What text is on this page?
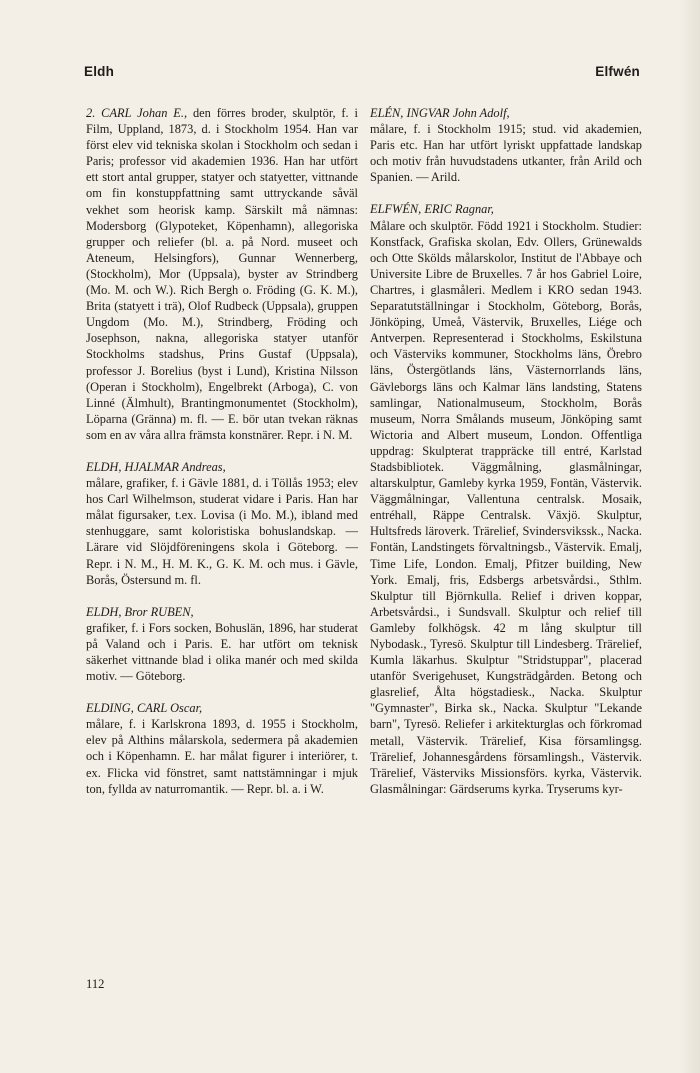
Eldh	Elfwén

2. CARL Johan E., den förres broder, skulptör, f. i Film, Uppland, 1873, d. i Stockholm 1954. Han var först elev vid tekniska skolan i Stockholm och sedan i Paris; professor vid akademien 1936. Han har utfört ett stort antal grupper, statyer och statyetter, vittnande om fin konstuppfattning samt uttryckande såväl vekhet som heorisk kamp. Särskilt må nämnas: Modersborg (Glypoteket, Köpenhamn), allegoriska grupper och reliefer (bl. a. på Nord. museet och Ateneum, Helsingfors), Gunnar Wennerberg, (Stockholm), Mor (Uppsala), byster av Strindberg (Mo. M. och W.). Rich Bergh o. Fröding (G. K. M.), Brita (statyett i trä), Olof Rudbeck (Uppsala), gruppen Ungdom (Mo. M.), Strindberg, Fröding och Josephson, nakna, allegoriska statyer utanför Stockholms stadshus, Prins Gustaf (Uppsala), professor J. Borelius (byst i Lund), Kristina Nilsson (Operan i Stockholm), Engelbrekt (Arboga), C. von Linné (Älmhult), Brantingmonumentet (Stockholm), Löparna (Gränna) m. fl. — E. bör utan tvekan räknas som en av våra allra främsta konstnärer. Repr. i N. M.

ELDH, HJALMAR Andreas,
målare, grafiker, f. i Gävle 1881, d. i Töllås 1953; elev hos Carl Wilhelmson, studerat vidare i Paris. Han har målat figursaker, t.ex. Lovisa (i Mo. M.), ibland med stenhuggare, samt koloristiska bohuslandskap. — Lärare vid Slöjdföreningens skola i Göteborg. — Repr. i N. M., H. M. K., G. K. M. och mus. i Gävle, Borås, Östersund m. fl.

ELDH, Bror RUBEN,
grafiker, f. i Fors socken, Bohuslän, 1896, har studerat på Valand och i Paris. E. har utfört om teknisk säkerhet vittnande blad i olika manér och med skilda motiv. — Göteborg.

ELDING, CARL Oscar,
målare, f. i Karlskrona 1893, d. 1955 i Stockholm, elev på Althins målarskola, sedermera på akademien och i Köpenhamn. E. har målat figurer i interiörer, t. ex. Flicka vid fönstret, samt nattstämningar i mjuk ton, fyllda av naturromantik. — Repr. bl. a. i W.

ELÉN, INGVAR John Adolf,
målare, f. i Stockholm 1915; stud. vid akademien, Paris etc. Han har utfört lyriskt uppfattade landskap och motiv från huvudstadens utkanter, från Arild och Spanien. — Arild.

ELFWÉN, ERIC Ragnar,
Målare och skulptör. Född 1921 i Stockholm. Studier: Konstfack, Grafiska skolan, Edv. Ollers, Grünewalds och Otte Skölds målarskolor, Institut de l'Abbaye och Universite Libre de Bruxelles. 7 år hos Gabriel Loire, Chartres, i glasmåleri. Medlem i KRO sedan 1943. Separatutställningar i Stockholm, Göteborg, Borås, Jönköping, Umeå, Västervik, Bruxelles, Liége och Antverpen. Representerad i Stockholms, Eskilstuna och Västerviks kommuner, Stockholms läns, Örebro läns, Östergötlands läns, Västernorrlands läns, Gävleborgs läns och Kalmar läns landsting, Statens samlingar, Nationalmuseum, Stockholm, Borås museum, Norra Smålands museum, Jönköping samt Wictoria and Albert museum, London. Offentliga uppdrag: Skulpterat trappräcke till entré, Karlstad Stadsbibliotek. Väggmålning, glasmålningar, altarskulptur, Gamleby kyrka 1959, Fontän, Västervik. Väggmålningar, Vallentuna centralsk. Mosaik, entréhall, Räppe Centralsk. Växjö. Skulptur, Hultsfreds läroverk. Trärelief, Svindersvikssk., Nacka. Fontän, Landstingets förvaltningsb., Västervik. Emalj, Time Life, London. Emalj, Pfitzer building, New York. Emalj, fris, Edsbergs arbetsvårdsi., Sthlm. Skulptur till Björnkulla. Relief i driven koppar, Arbetsvårdsi., i Sundsvall. Skulptur och relief till Gamleby folkhögsk. 42 m lång skulptur till Nybodask., Tyresö. Skulptur till Lindesberg. Trärelief, Kumla läkarhus. Skulptur "Stridstuppar", placerad utanför Sverigehuset, Kungsträdgården. Betong och glasrelief, Ålta högstadiesk., Nacka. Skulptur "Gymnaster", Birka sk., Nacka. Skulptur "Lekande barn", Tyresö. Reliefer i arkitekturglas och förkromad metall, Västervik. Trärelief, Kisa församlingsg. Trärelief, Johannesgårdens församlingsh., Västervik. Trärelief, Västerviks Missionsförs. kyrka, Västervik. Glasmålningar: Gärdserums kyrka. Tryserums kyr-

112
